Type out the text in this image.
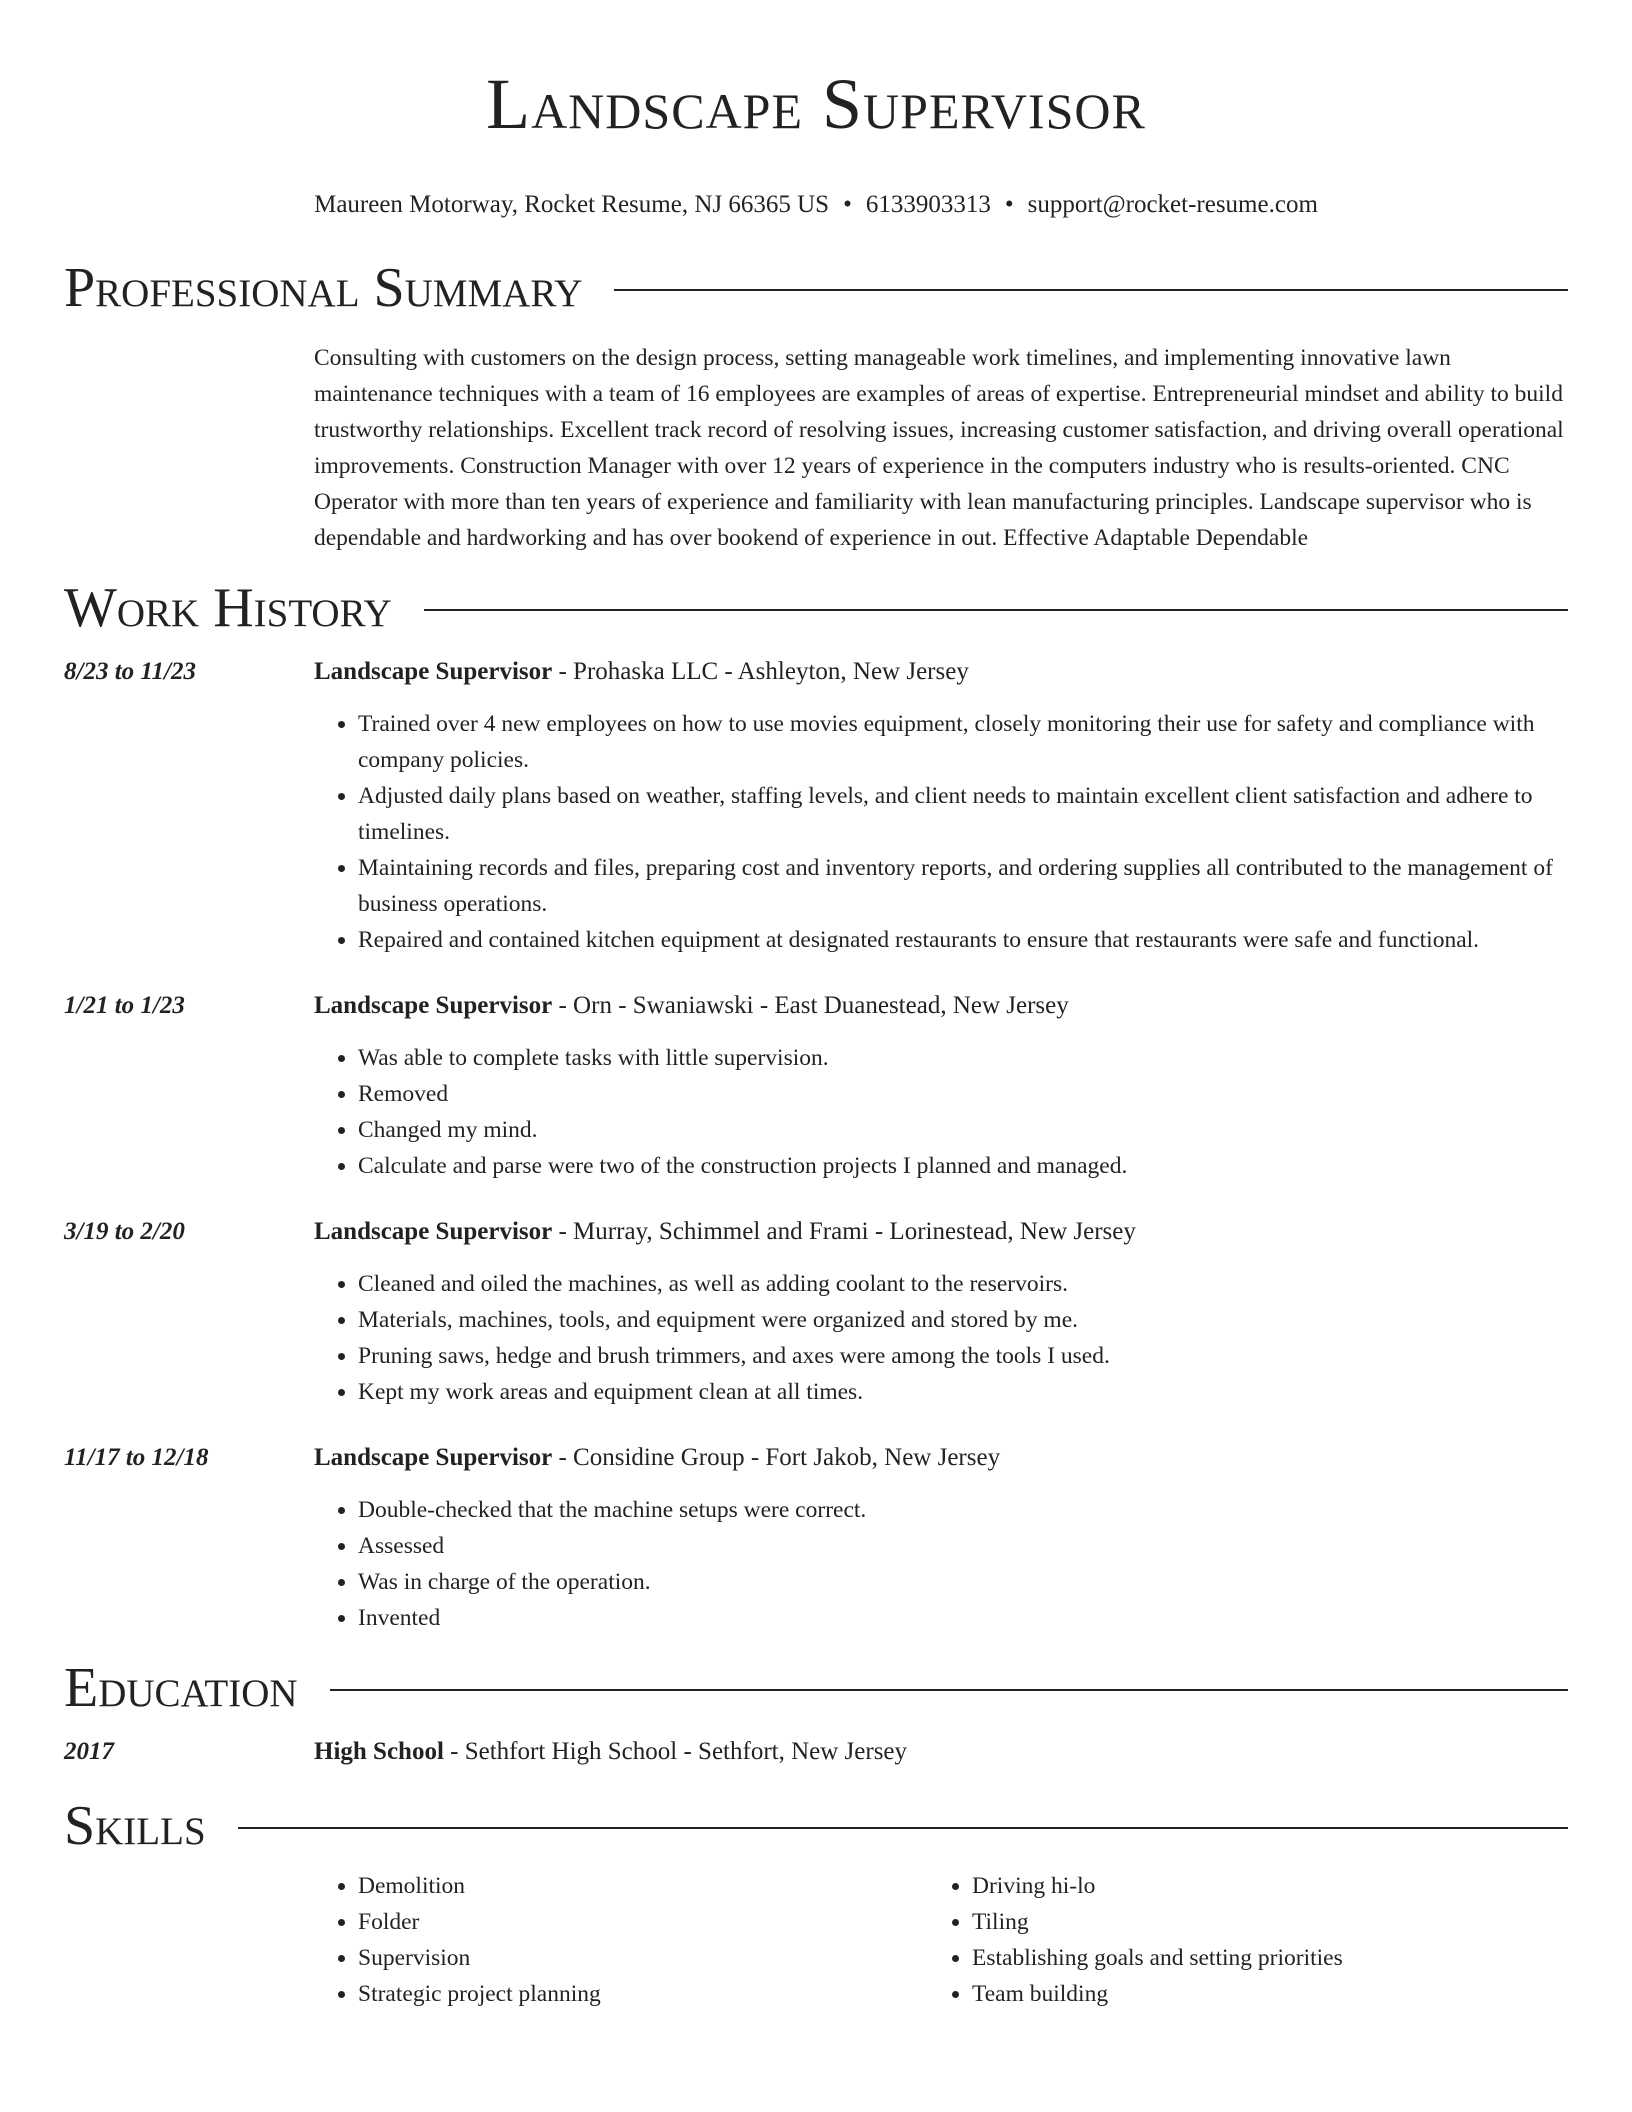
Landscape Supervisor
Maureen Motorway, Rocket Resume, NJ 66365 US • 6133903313 • support@rocket-resume.com
Professional Summary
Consulting with customers on the design process, setting manageable work timelines, and implementing innovative lawn maintenance techniques with a team of 16 employees are examples of areas of expertise. Entrepreneurial mindset and ability to build trustworthy relationships. Excellent track record of resolving issues, increasing customer satisfaction, and driving overall operational improvements. Construction Manager with over 12 years of experience in the computers industry who is results-oriented. CNC Operator with more than ten years of experience and familiarity with lean manufacturing principles. Landscape supervisor who is dependable and hardworking and has over bookend of experience in out. Effective Adaptable Dependable
Work History
8/23 to 11/23	Landscape Supervisor - Prohaska LLC - Ashleyton, New Jersey
• Trained over 4 new employees on how to use movies equipment, closely monitoring their use for safety and compliance with company policies.
• Adjusted daily plans based on weather, staffing levels, and client needs to maintain excellent client satisfaction and adhere to timelines.
• Maintaining records and files, preparing cost and inventory reports, and ordering supplies all contributed to the management of business operations.
• Repaired and contained kitchen equipment at designated restaurants to ensure that restaurants were safe and functional.
1/21 to 1/23	Landscape Supervisor - Orn - Swaniawski - East Duanestead, New Jersey
• Was able to complete tasks with little supervision.
• Removed
• Changed my mind.
• Calculate and parse were two of the construction projects I planned and managed.
3/19 to 2/20	Landscape Supervisor - Murray, Schimmel and Frami - Lorinestead, New Jersey
• Cleaned and oiled the machines, as well as adding coolant to the reservoirs.
• Materials, machines, tools, and equipment were organized and stored by me.
• Pruning saws, hedge and brush trimmers, and axes were among the tools I used.
• Kept my work areas and equipment clean at all times.
11/17 to 12/18	Landscape Supervisor - Considine Group - Fort Jakob, New Jersey
• Double-checked that the machine setups were correct.
• Assessed
• Was in charge of the operation.
• Invented
Education
2017	High School - Sethfort High School - Sethfort, New Jersey
Skills
• Demolition
• Folder
• Supervision
• Strategic project planning
• Driving hi-lo
• Tiling
• Establishing goals and setting priorities
• Team building
